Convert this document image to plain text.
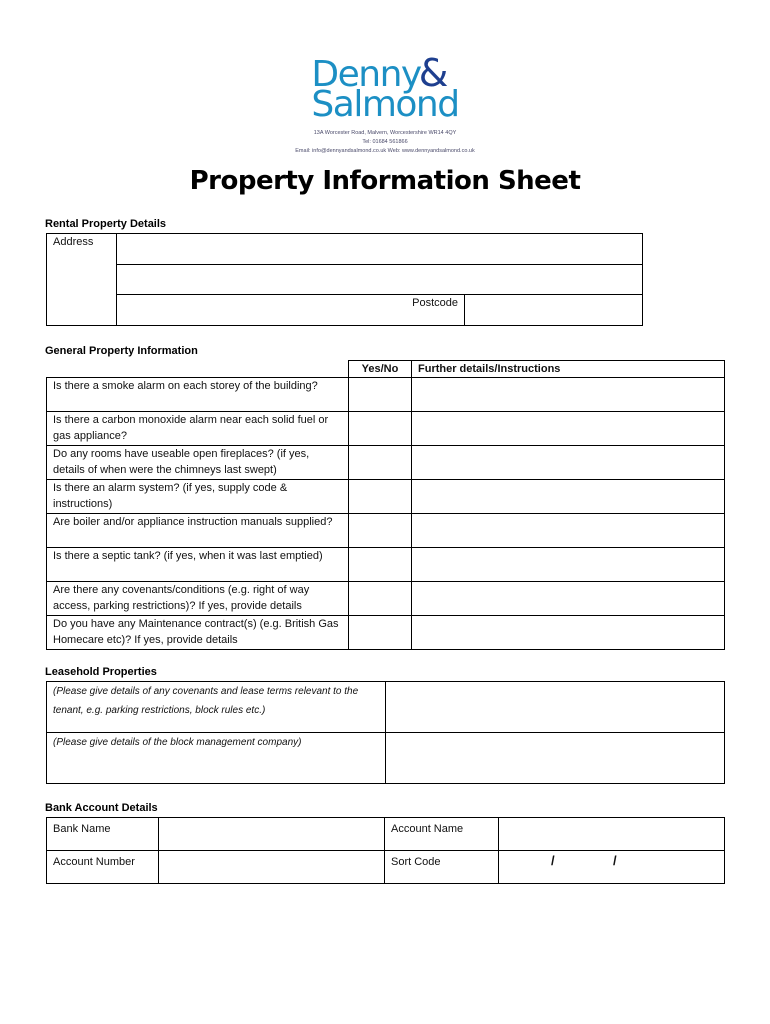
Denny&
Salmond
13A Worcester Road, Malvern, Worcestershire WR14 4QY
Tel: 01684 561866
Email: info@dennyandsalmond.co.uk Web: www.dennyandsalmond.co.uk
Property Information Sheet
Rental Property Details
Address		

	Postcode	
General Property Information
	Yes/No	Further details/Instructions
Is there a smoke alarm on each storey of the building?		
Is there a carbon monoxide alarm near each solid fuel or gas appliance?		
Do any rooms have useable open fireplaces? (if yes, details of when were the chimneys last swept)		
Is there an alarm system? (if yes, supply code & instructions)		
Are boiler and/or appliance instruction manuals supplied?		
Is there a septic tank? (if yes, when it was last emptied)		
Are there any covenants/conditions (e.g. right of way access, parking restrictions)? If yes, provide details		
Do you have any Maintenance contract(s) (e.g. British Gas Homecare etc)? If yes, provide details		
Leasehold Properties
(Please give details of any covenants and lease terms relevant to the tenant, e.g. parking restrictions, block rules etc.)	
(Please give details of the block management company)	
Bank Account Details
Bank Name		Account Name	
Account Number		Sort Code	/ /
